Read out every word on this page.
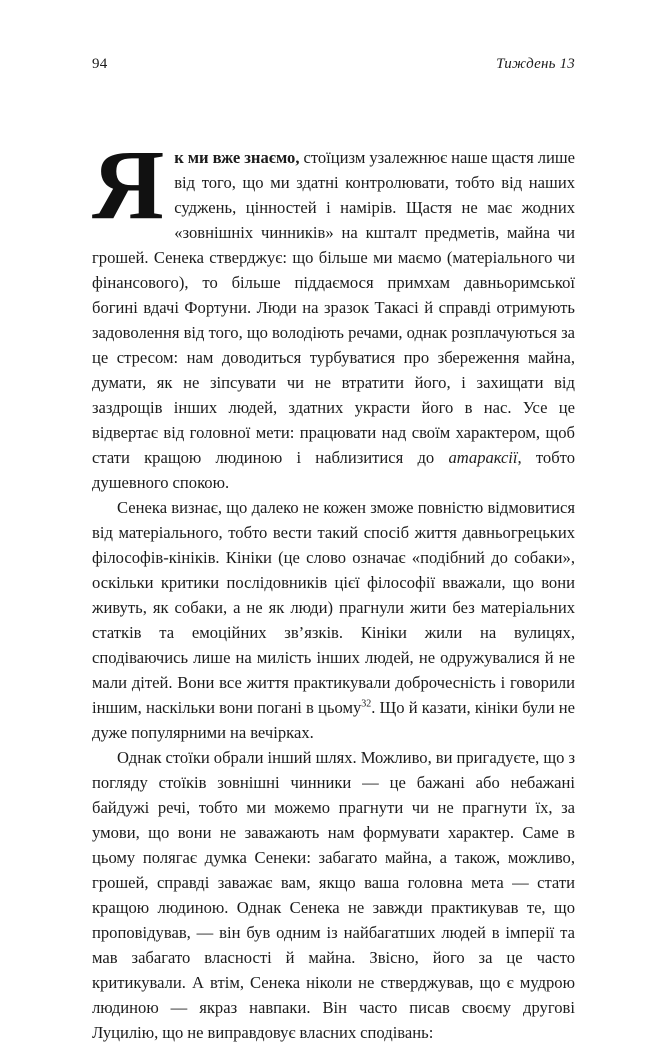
94	Тиждень 13

Як ми вже знаємо, стоїцизм узалежнює наше щастя лише від того, що ми здатні контролювати, тобто від наших суджень, цінностей і намірів. Щастя не має жодних «зовнішніх чинників» на кшталт предметів, майна чи грошей. Сенека стверджує: що більше ми маємо (матеріального чи фінансового), то більше піддаємося примхам давньоримської богині вдачі Фортуни. Люди на зразок Такасі й справді отримують задоволення від того, що володіють речами, однак розплачуються за це стресом: нам доводиться турбуватися про збереження майна, думати, як не зіпсувати чи не втратити його, і захищати від заздрощів інших людей, здатних украсти його в нас. Усе це відвертає від головної мети: працювати над своїм характером, щоб стати кращою людиною і наблизитися до атараксії, тобто душевного спокою.

Сенека визнає, що далеко не кожен зможе повністю відмовитися від матеріального, тобто вести такий спосіб життя давньогрецьких філософів-кініків. Кініки (це слово означає «подібний до собаки», оскільки критики послідовників цієї філософії вважали, що вони живуть, як собаки, а не як люди) прагнули жити без матеріальних статків та емоційних зв’язків. Кініки жили на вулицях, сподіваючись лише на милість інших людей, не одружувалися й не мали дітей. Вони все життя практикували доброчесність і говорили іншим, наскільки вони погані в цьому$^{32}$. Що й казати, кініки були не дуже популярними на вечірках.

Однак стоїки обрали інший шлях. Можливо, ви пригадуєте, що з погляду стоїків зовнішні чинники — це бажані або небажані байдужі речі, тобто ми можемо прагнути чи не прагнути їх, за умови, що вони не заважають нам формувати характер. Саме в цьому полягає думка Сенеки: забагато майна, а також, можливо, грошей, справді заважає вам, якщо ваша головна мета — стати кращою людиною. Однак Сенека не завжди практикував те, що проповідував, — він був одним із найбагатших людей в імперії та мав забагато власності й майна. Звісно, його за це часто критикували. А втім, Сенека ніколи не стверджував, що є мудрою людиною — якраз навпаки. Він часто писав своєму другові Луцилію, що не виправдовує власних сподівань:
